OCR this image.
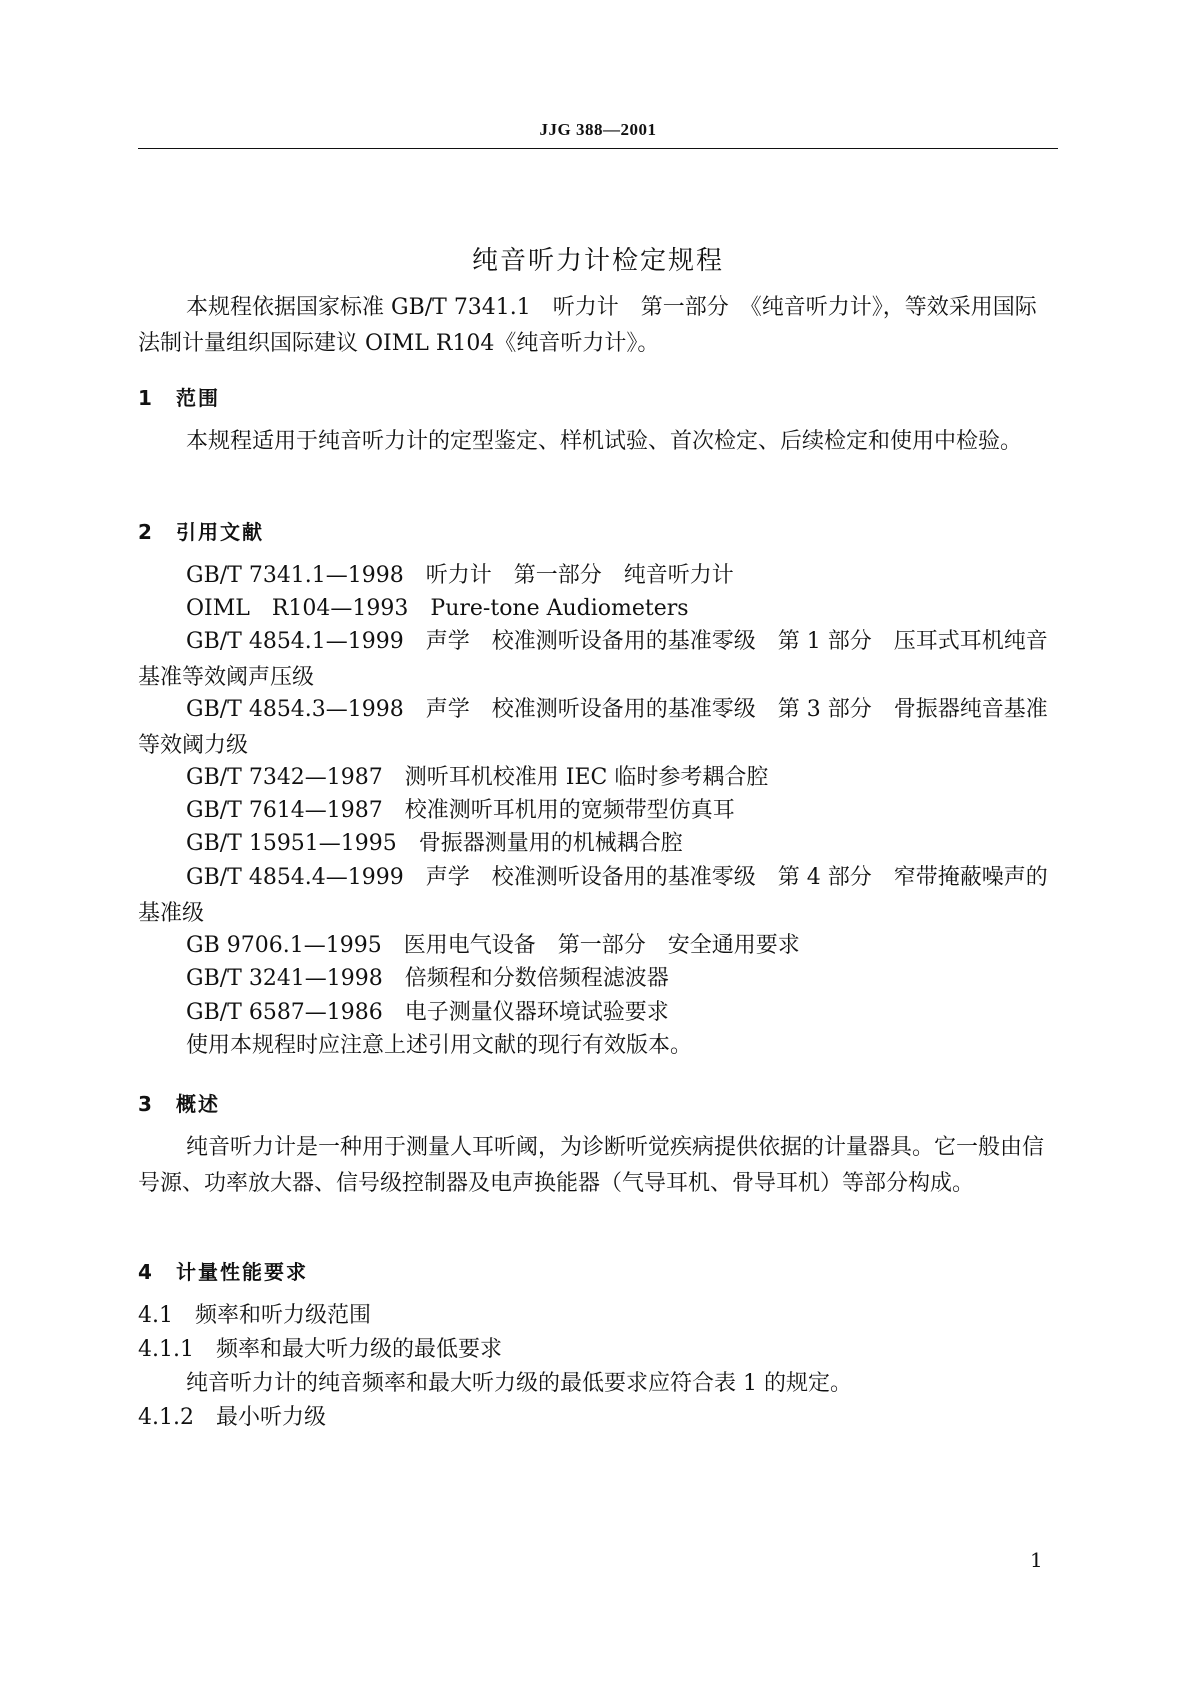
JJG 388—2001
纯音听力计检定规程
本规程依据国家标准 GB/T 7341.1　听力计　第一部分　《纯音听力计》，等效采用国际法制计量组织国际建议 OIML R104《纯音听力计》。
1 范围
本规程适用于纯音听力计的定型鉴定、样机试验、首次检定、后续检定和使用中检验。
2 引用文献
GB/T 7341.1—1998　听力计　第一部分　纯音听力计
OIML　R104—1993　Pure-tone Audiometers
GB/T 4854.1—1999　声学　校准测听设备用的基准零级　第 1 部分　压耳式耳机纯音基准等效阈声压级
GB/T 4854.3—1998　声学　校准测听设备用的基准零级　第 3 部分　骨振器纯音基准等效阈力级
GB/T 7342—1987　测听耳机校准用 IEC 临时参考耦合腔
GB/T 7614—1987　校准测听耳机用的宽频带型仿真耳
GB/T 15951—1995　骨振器测量用的机械耦合腔
GB/T 4854.4—1999　声学　校准测听设备用的基准零级　第 4 部分　窄带掩蔽噪声的基准级
GB 9706.1—1995　医用电气设备　第一部分　安全通用要求
GB/T 3241—1998　倍频程和分数倍频程滤波器
GB/T 6587—1986　电子测量仪器环境试验要求
使用本规程时应注意上述引用文献的现行有效版本。
3 概述
纯音听力计是一种用于测量人耳听阈，为诊断听觉疾病提供依据的计量器具。它一般由信号源、功率放大器、信号级控制器及电声换能器（气导耳机、骨导耳机）等部分构成。
4 计量性能要求
4.1　频率和听力级范围
4.1.1　频率和最大听力级的最低要求
纯音听力计的纯音频率和最大听力级的最低要求应符合表 1 的规定。
4.1.2　最小听力级
1
